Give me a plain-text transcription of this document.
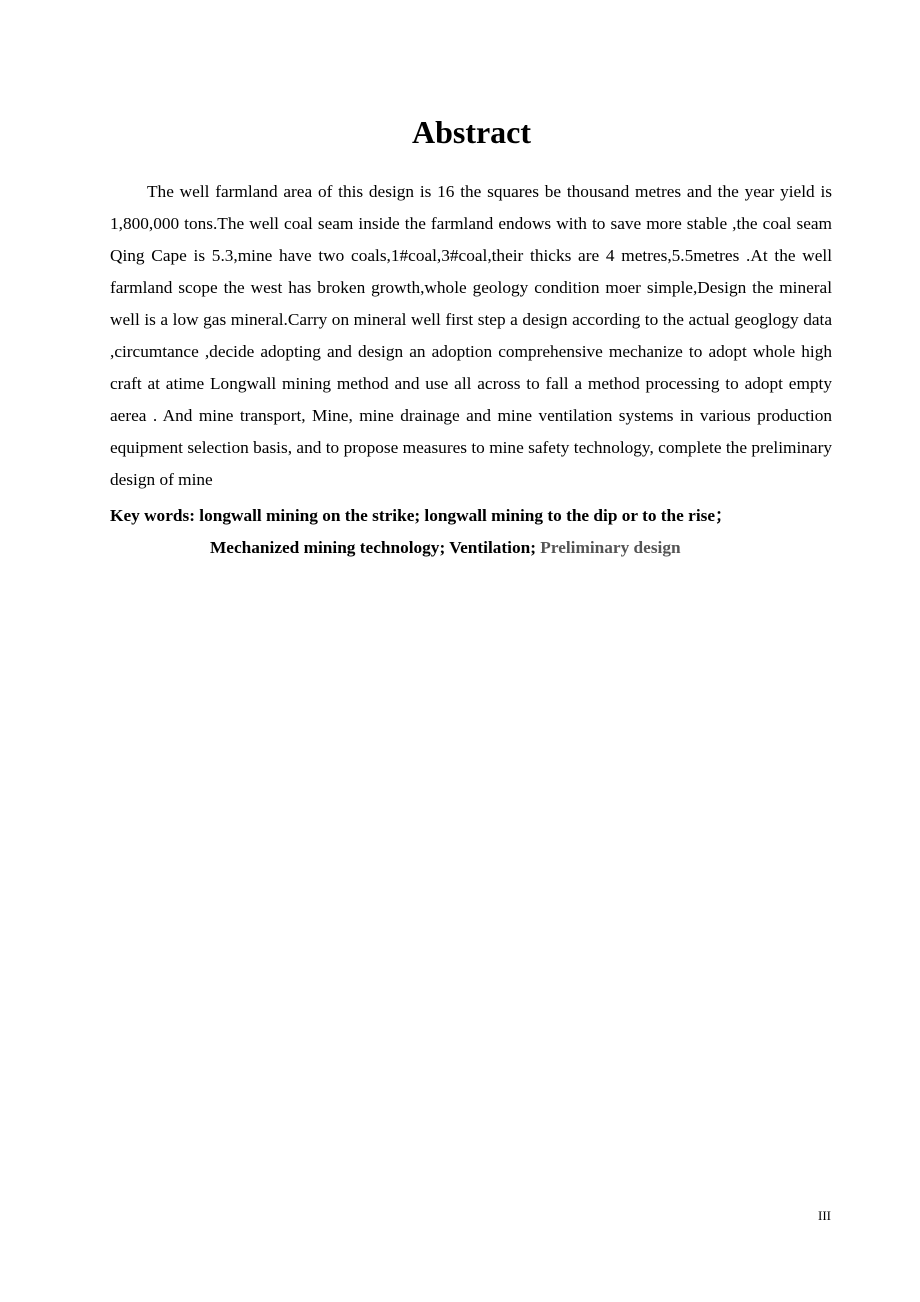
Abstract

The well farmland area of this design is 16 the squares be thousand metres and the year yield is 1,800,000 tons.The well coal seam inside the farmland endows with to save more stable ,the coal seam Qing Cape is 5.3,mine have two coals,1#coal,3#coal,their thicks are 4 metres,5.5metres .At the well farmland scope the west has broken growth,whole geology condition moer simple,Design the mineral well is a low gas mineral.Carry on mineral well first step a design according to the actual geoglogy data ,circumtance ,decide adopting and design an adoption comprehensive mechanize to adopt whole high craft at atime Longwall mining method and use all across to fall a method processing to adopt empty aerea . And mine transport, Mine, mine drainage and mine ventilation systems in various production equipment selection basis, and to propose measures to mine safety technology, complete the preliminary design of mine

Key words: longwall mining on the strike; longwall mining to the dip or to the rise；

Mechanized mining technology; Ventilation; Preliminary design

III
